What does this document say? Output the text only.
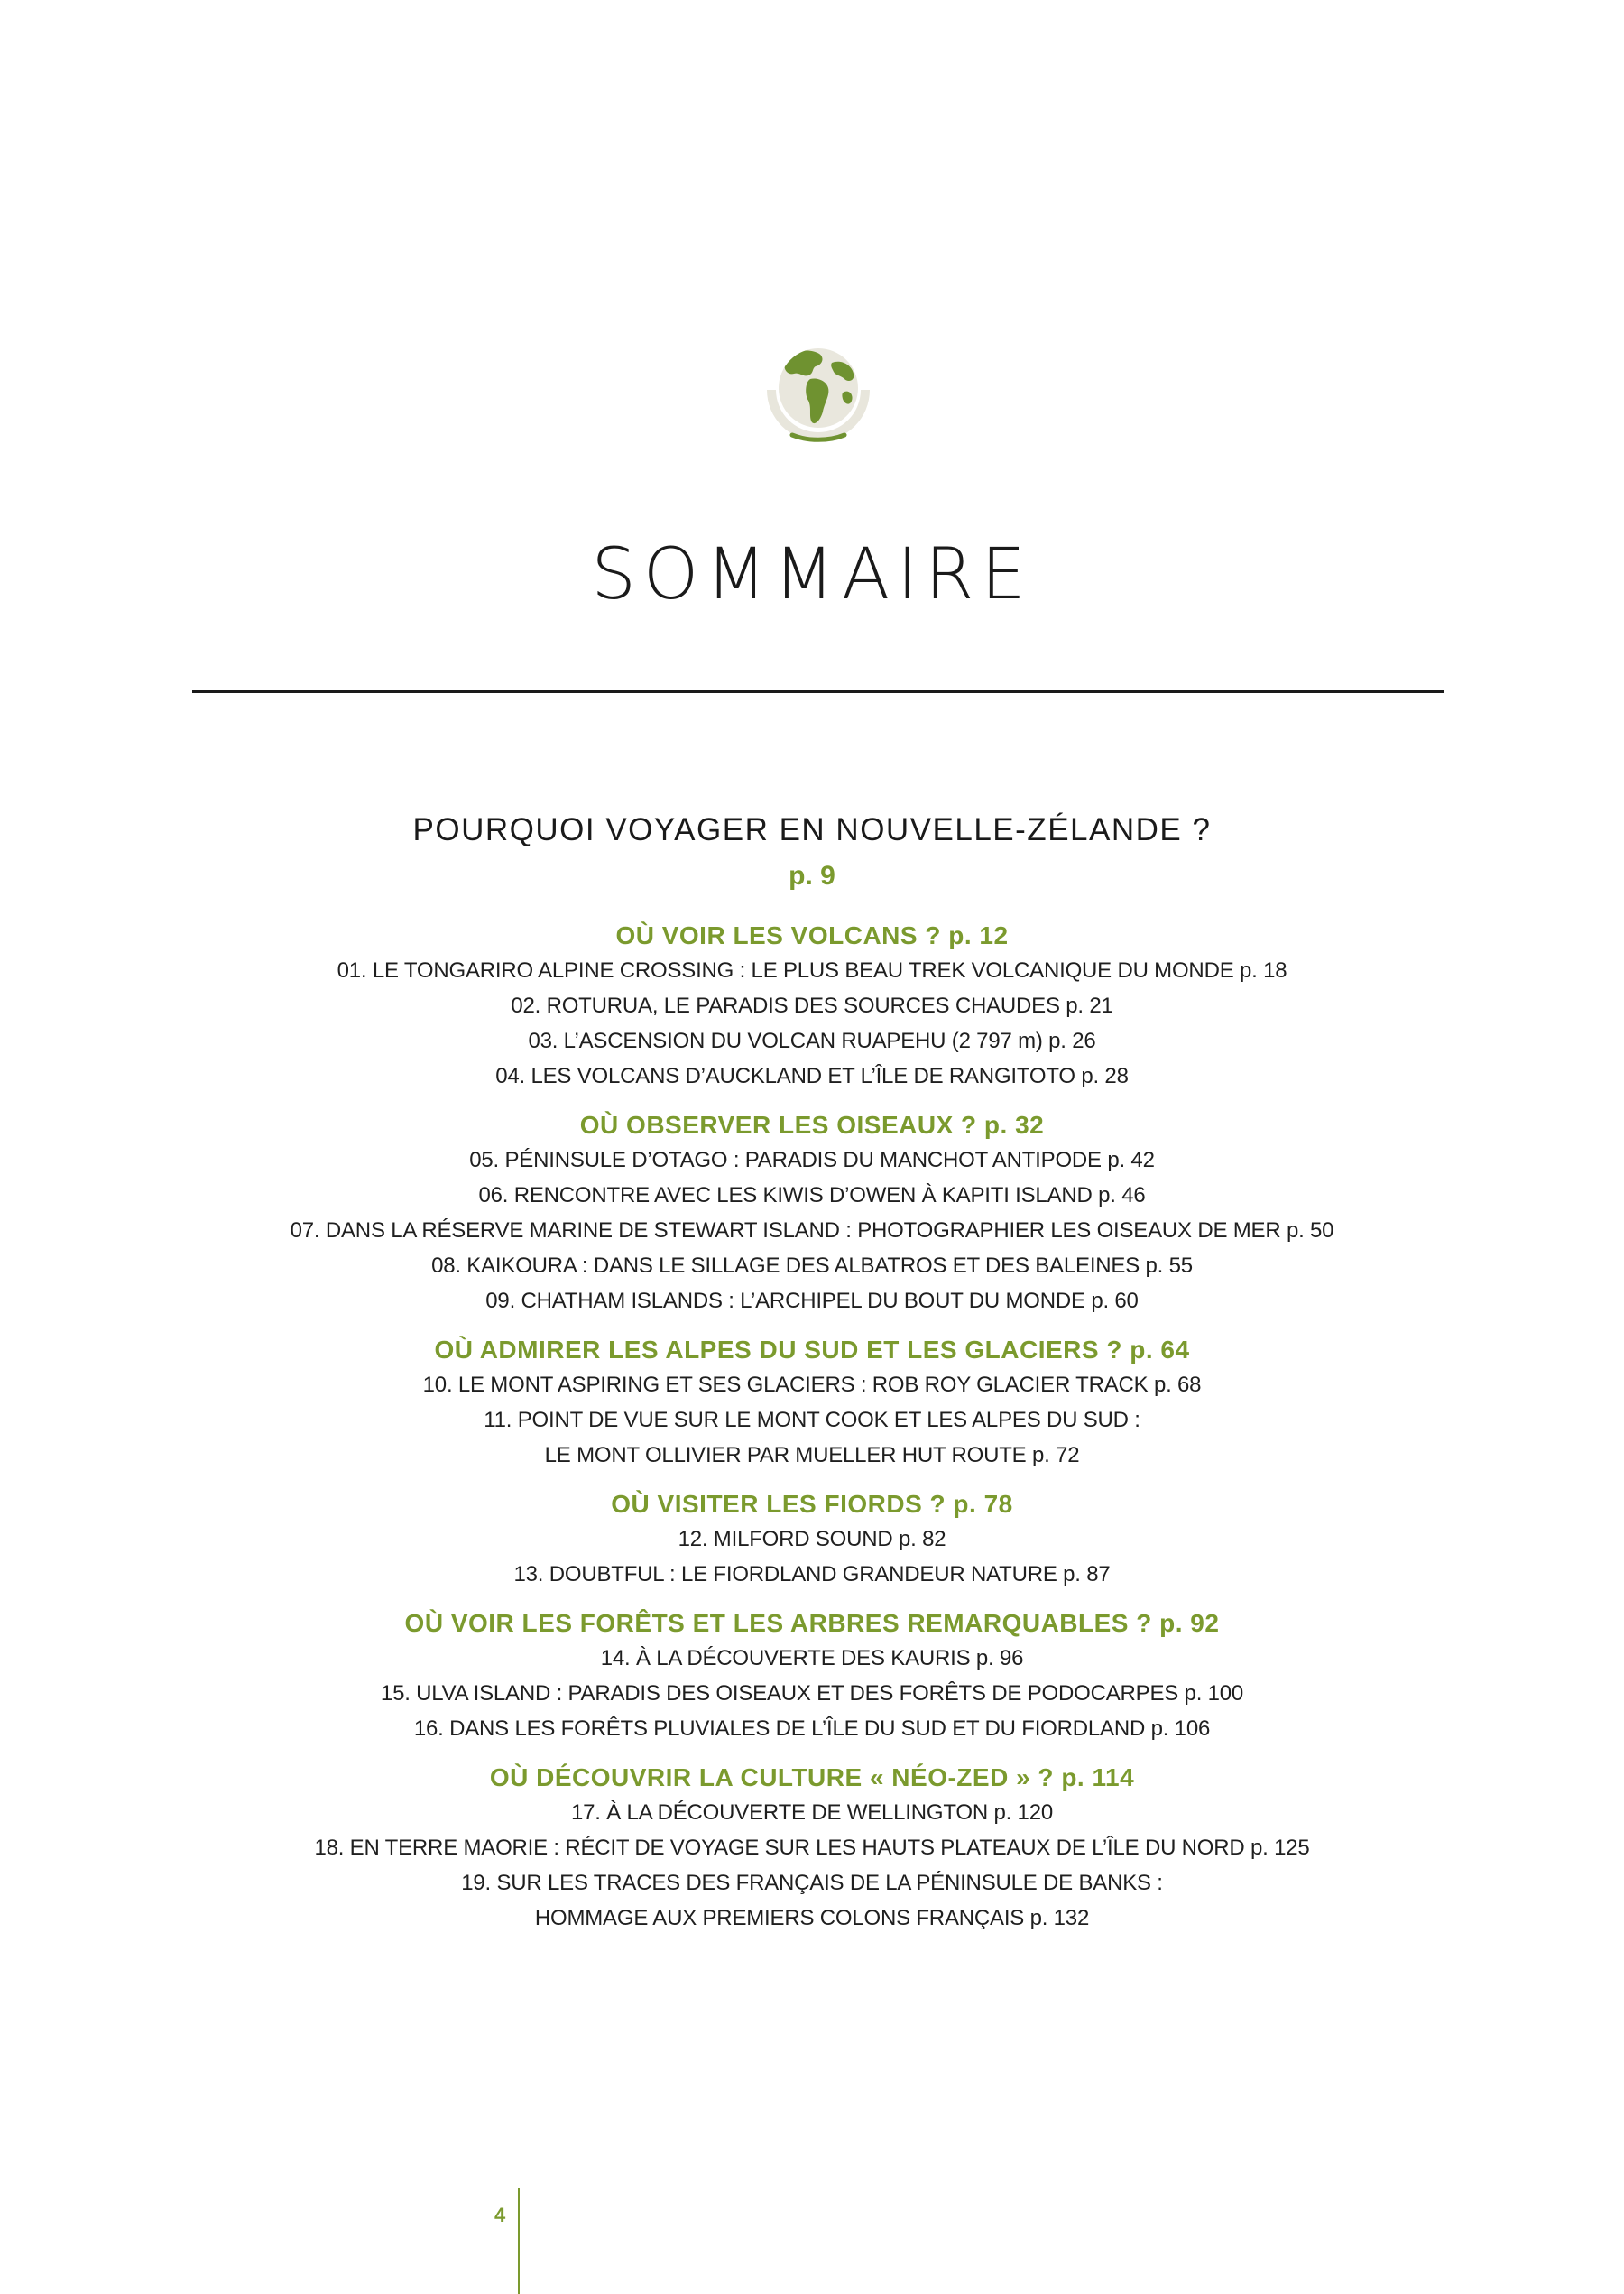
SOMMAIRE
POURQUOI VOYAGER EN NOUVELLE-ZÉLANDE ?
p. 9
OÙ VOIR LES VOLCANS ? p. 12
01. LE TONGARIRO ALPINE CROSSING : LE PLUS BEAU TREK VOLCANIQUE DU MONDE p. 18
02. ROTURUA, LE PARADIS DES SOURCES CHAUDES p. 21
03. L’ASCENSION DU VOLCAN RUAPEHU (2 797 m) p. 26
04. LES VOLCANS D’AUCKLAND ET L’ÎLE DE RANGITOTO p. 28
OÙ OBSERVER LES OISEAUX ? p. 32
05. PÉNINSULE D’OTAGO : PARADIS DU MANCHOT ANTIPODE p. 42
06. RENCONTRE AVEC LES KIWIS D’OWEN À KAPITI ISLAND p. 46
07. DANS LA RÉSERVE MARINE DE STEWART ISLAND : PHOTOGRAPHIER LES OISEAUX DE MER p. 50
08. KAIKOURA : DANS LE SILLAGE DES ALBATROS ET DES BALEINES p. 55
09. CHATHAM ISLANDS : L’ARCHIPEL DU BOUT DU MONDE p. 60
OÙ ADMIRER LES ALPES DU SUD ET LES GLACIERS ? p. 64
10. LE MONT ASPIRING ET SES GLACIERS : ROB ROY GLACIER TRACK p. 68
11. POINT DE VUE SUR LE MONT COOK ET LES ALPES DU SUD :
LE MONT OLLIVIER PAR MUELLER HUT ROUTE p. 72
OÙ VISITER LES FIORDS ? p. 78
12. MILFORD SOUND p. 82
13. DOUBTFUL : LE FIORDLAND GRANDEUR NATURE p. 87
OÙ VOIR LES FORÊTS ET LES ARBRES REMARQUABLES ? p. 92
14. À LA DÉCOUVERTE DES KAURIS p. 96
15. ULVA ISLAND : PARADIS DES OISEAUX ET DES FORÊTS DE PODOCARPES p. 100
16. DANS LES FORÊTS PLUVIALES DE L’ÎLE DU SUD ET DU FIORDLAND p. 106
OÙ DÉCOUVRIR LA CULTURE « NÉO-ZED » ? p. 114
17. À LA DÉCOUVERTE DE WELLINGTON p. 120
18. EN TERRE MAORIE : RÉCIT DE VOYAGE SUR LES HAUTS PLATEAUX DE L’ÎLE DU NORD p. 125
19. SUR LES TRACES DES FRANÇAIS DE LA PÉNINSULE DE BANKS :
HOMMAGE AUX PREMIERS COLONS FRANÇAIS p. 132
4
